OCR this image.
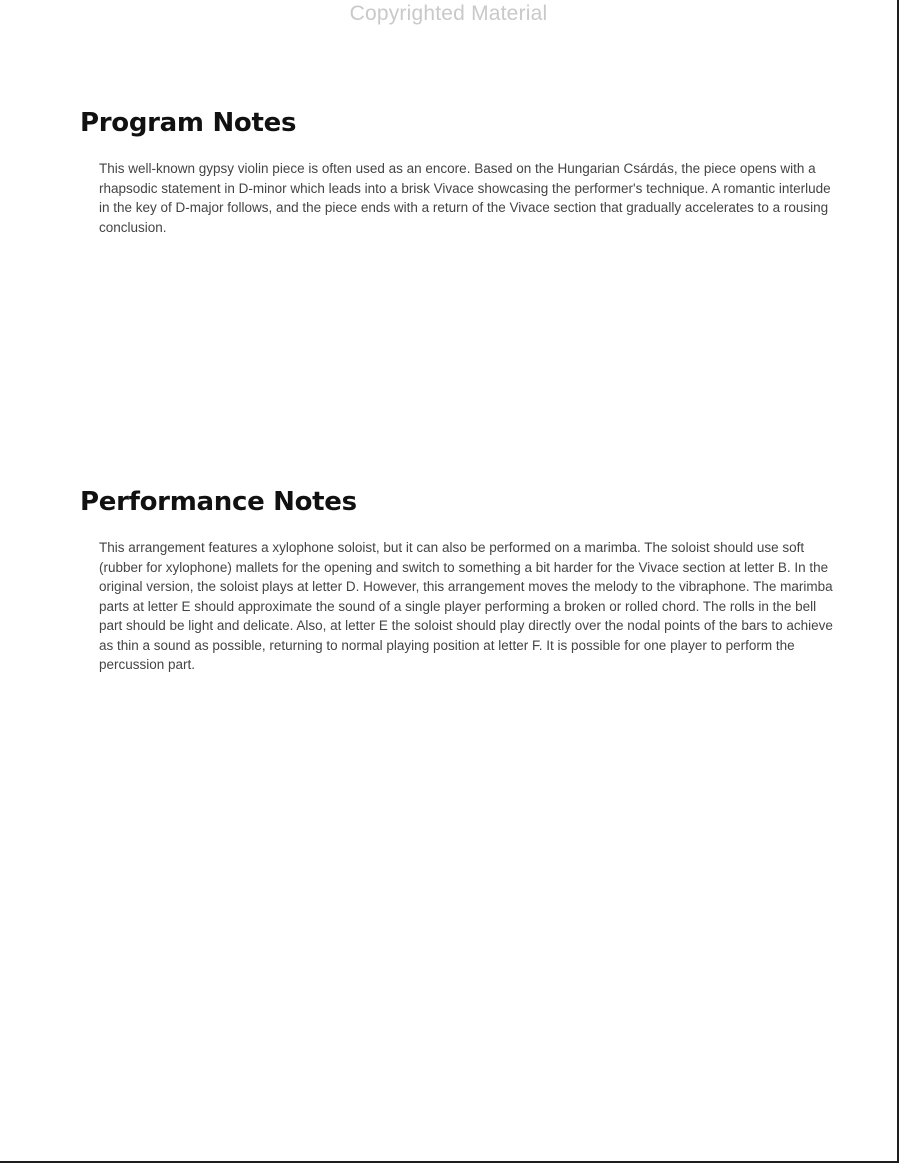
Copyrighted Material
Program Notes

This well-known gypsy violin piece is often used as an encore. Based on the Hungarian Csárdás, the piece opens with a rhapsodic statement in D-minor which leads into a brisk Vivace showcasing the performer's technique. A romantic interlude in the key of D-major follows, and the piece ends with a return of the Vivace section that gradually accelerates to a rousing conclusion.

Performance Notes

This arrangement features a xylophone soloist, but it can also be performed on a marimba. The soloist should use soft (rubber for xylophone) mallets for the opening and switch to something a bit harder for the Vivace section at letter B. In the original version, the soloist plays at letter D. However, this arrangement moves the melody to the vibraphone. The marimba parts at letter E should approximate the sound of a single player performing a broken or rolled chord. The rolls in the bell part should be light and delicate. Also, at letter E the soloist should play directly over the nodal points of the bars to achieve as thin a sound as possible, returning to normal playing position at letter F. It is possible for one player to perform the percussion part.
